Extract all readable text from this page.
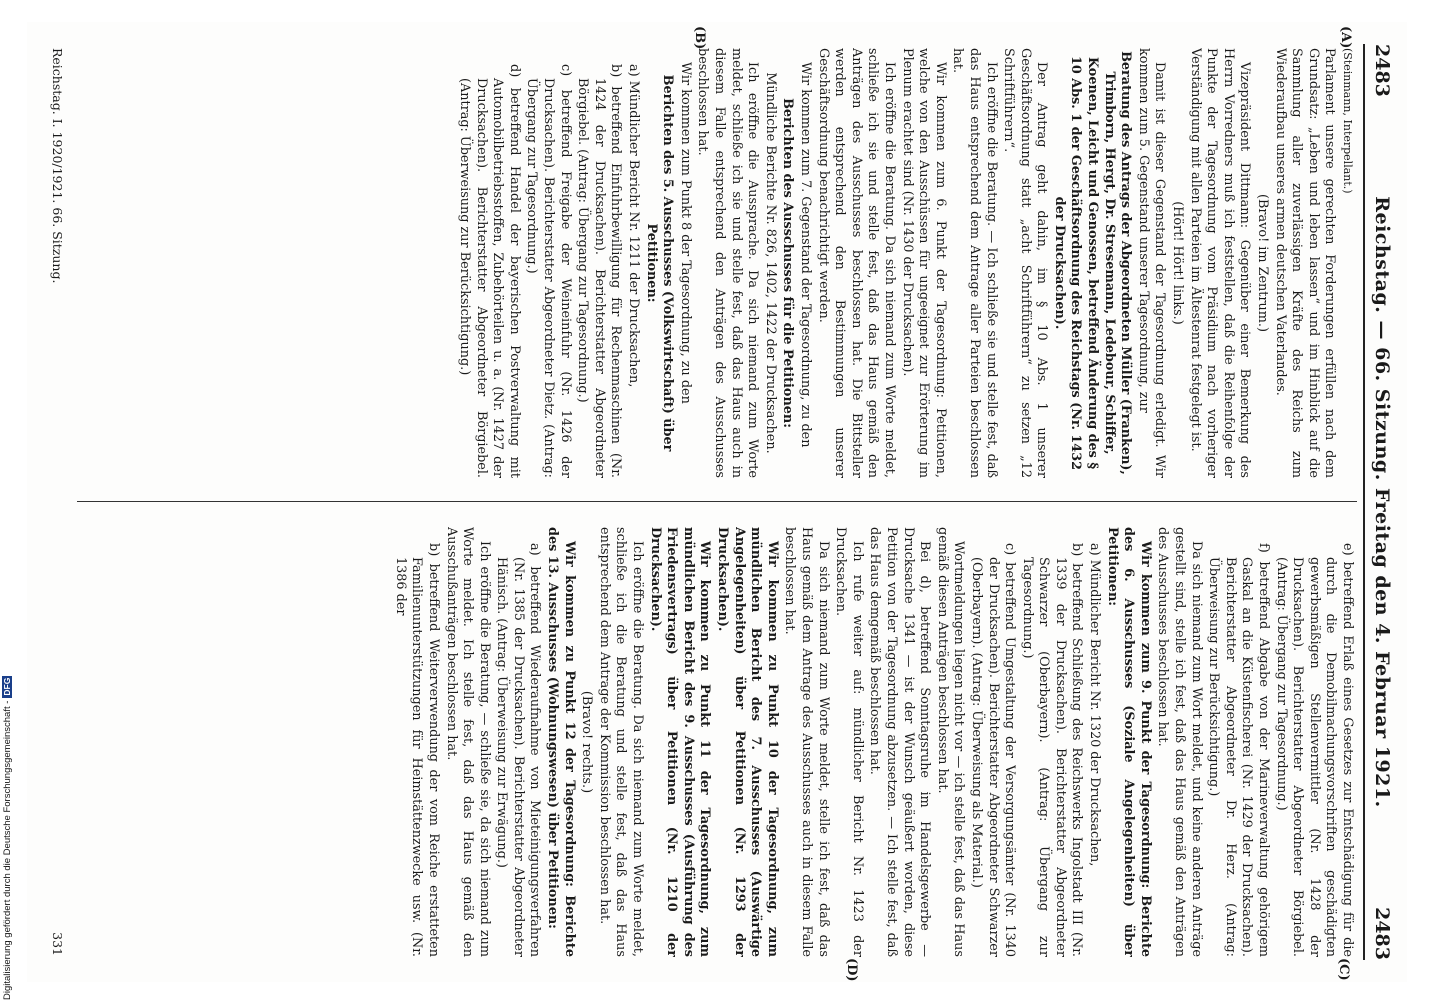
2483
Reichstag. — 66. Sitzung. Freitag den 4. Februar 1921.
2483
(A)
(B)
(C)
(D)

(Steinmann, Interpellant.)

Parlament unsere gerechten Forderungen erfüllen nach dem Grundsatz: „Leben und leben lassen“ und im Hinblick auf die Sammlung aller zuverlässigen Kräfte des Reichs zum Wiederaufbau unseres armen deutschen Vaterlandes.

(Bravo! im Zentrum.)

Vizepräsident Dittmann: Gegenüber einer Bemerkung des Herrn Vorredners muß ich feststellen, daß die Reihenfolge der Punkte der Tagesordnung vom Präsidium nach vorheriger Verständigung mit allen Parteien im Ältestenrat festgelegt ist.

(Hört! Hört! links.)

Damit ist dieser Gegenstand der Tagesordnung erledigt. Wir kommen zum 5. Gegenstand unserer Tagesordnung, zur

Beratung des Antrags der Abgeordneten Müller (Franken), Trimborn, Hergt, Dr. Stresemann, Ledebour, Schiffer, Koenen, Leicht und Genossen, betreffend Änderung des § 10 Abs. 1 der Geschäftsordnung des Reichstags (Nr. 1432 der Drucksachen).

Der Antrag geht dahin, im § 10 Abs. 1 unserer Geschäftsordnung statt „acht Schriftführern“ zu setzen „12 Schriftführern“.

Ich eröffne die Beratung. — Ich schließe sie und stelle fest, daß das Haus entsprechend dem Antrage aller Parteien beschlossen hat.

Wir kommen zum 6. Punkt der Tagesordnung: Petitionen, welche von den Ausschüssen für ungeeignet zur Erörterung im Plenum erachtet sind (Nr. 1430 der Drucksachen).

Ich eröffne die Beratung. Da sich niemand zum Worte meldet, schließe ich sie und stelle fest, daß das Haus gemäß den Anträgen des Ausschusses beschlossen hat. Die Bittsteller werden entsprechend den Bestimmungen unserer Geschäftsordnung benachrichtigt werden.

Wir kommen zum 7. Gegenstand der Tagesordnung, zu den

Berichten des Ausschusses für die Petitionen:

Mündliche Berichte Nr. 826, 1402, 1422 der Drucksachen.

Ich eröffne die Aussprache. Da sich niemand zum Worte meldet, schließe ich sie und stelle fest, daß das Haus auch in diesem Falle entsprechend den Anträgen des Ausschusses beschlossen hat.

Wir kommen zum Punkt 8 der Tagesordnung, zu den

Berichten des 5. Ausschusses (Volkswirtschaft) über Petitionen:

a) Mündlicher Bericht Nr. 1211 der Drucksachen,

b) betreffend Einfuhrbewilligung für Rechenmaschinen (Nr. 1424 der Drucksachen). Berichterstatter Abgeordneter Börgiebel. (Antrag: Übergang zur Tagesordnung.)

c) betreffend Freigabe der Weineinfuhr (Nr. 1426 der Drucksachen). Berichterstatter Abgeordneter Dietz. (Antrag: Übergang zur Tagesordnung.)

d) betreffend Handel der bayerischen Postverwaltung mit Automobilbetriebsstoffen, Zubehörteilen u. a. (Nr. 1427 der Drucksachen). Berichterstatter Abgeordneter Börgiebel. (Antrag: Überweisung zur Berücksichtigung.)

e) betreffend Erlaß eines Gesetzes zur Entschädigung für die durch die Demobilmachungsvorschriften geschädigten gewerbsmäßigen Stellenvermittler (Nr. 1428 der Drucksachen). Berichterstatter Abgeordneter Börgiebel. (Antrag: Übergang zur Tagesordnung.)

f) betreffend Abgabe von der Marineverwaltung gehörigem Gaskal an die Küstenfischerei (Nr. 1429 der Drucksachen). Berichterstatter Abgeordneter Dr. Herz. (Antrag: Überweisung zur Berücksichtigung.)

Da sich niemand zum Wort meldet, und keine anderen Anträge gestellt sind, stelle ich fest, daß das Haus gemäß den Anträgen des Ausschusses beschlossen hat.

Wir kommen zum 9. Punkt der Tagesordnung: Berichte des 6. Ausschusses (Soziale Angelegenheiten) über Petitionen:

a) Mündlicher Bericht Nr. 1320 der Drucksachen,

b) betreffend Schließung des Reichswerks Ingolstadt III (Nr. 1339 der Drucksachen). Berichterstatter Abgeordneter Schwarzer (Oberbayern). (Antrag: Übergang zur Tagesordnung.)

c) betreffend Umgestaltung der Versorgungsämter (Nr. 1340 der Drucksachen). Berichterstatter Abgeordneter Schwarzer (Oberbayern). (Antrag: Überweisung als Material.)

Wortmeldungen liegen nicht vor — ich stelle fest, daß das Haus gemäß diesen Anträgen beschlossen hat.

Bei d), betreffend Sonntagsruhe im Handelsgewerbe — Drucksache 1341 — ist der Wunsch geäußert worden, diese Petition von der Tagesordnung abzusetzen. — Ich stelle fest, daß das Haus demgemäß beschlossen hat.

Ich rufe weiter auf: mündlicher Bericht Nr. 1423 der Drucksachen.

Da sich niemand zum Worte meldet, stelle ich fest, daß das Haus gemäß dem Antrage des Ausschusses auch in diesem Falle beschlossen hat.

Wir kommen zu Punkt 10 der Tagesordnung, zum mündlichen Bericht des 7. Ausschusses (Auswärtige Angelegenheiten) über Petitionen (Nr. 1293 der Drucksachen).

Wir kommen zu Punkt 11 der Tagesordnung, zum mündlichen Bericht des 9. Ausschusses (Ausführung des Friedensvertrags) über Petitionen (Nr. 1210 der Drucksachen).

Ich eröffne die Beratung. Da sich niemand zum Worte meldet, schließe ich die Beratung und stelle fest, daß das Haus entsprechend dem Antrage der Kommission beschlossen hat.

(Bravo! rechts.)

Wir kommen zu Punkt 12 der Tagesordnung: Berichte des 13. Ausschusses (Wohnungswesen) über Petitionen:

a) betreffend Wiederaufnahme von Mieteinigungsverfahren (Nr. 1385 der Drucksachen). Berichterstatter Abgeordneter Hänisch. (Antrag: Überweisung zur Erwägung.)

Ich eröffne die Beratung, — schließe sie, da sich niemand zum Worte meldet. Ich stelle fest, daß das Haus gemäß den Ausschußanträgen beschlossen hat.

b) betreffend Weiterverwendung der vom Reiche erstatteten Familienunterstützungen für Heimstättenzwecke usw. (Nr. 1386 der

Reichstag. I. 1920/1921. 66. Sitzung.
331
Digitalisierung gefördert durch die Deutsche Forschungsgemeinschaft -DFG
